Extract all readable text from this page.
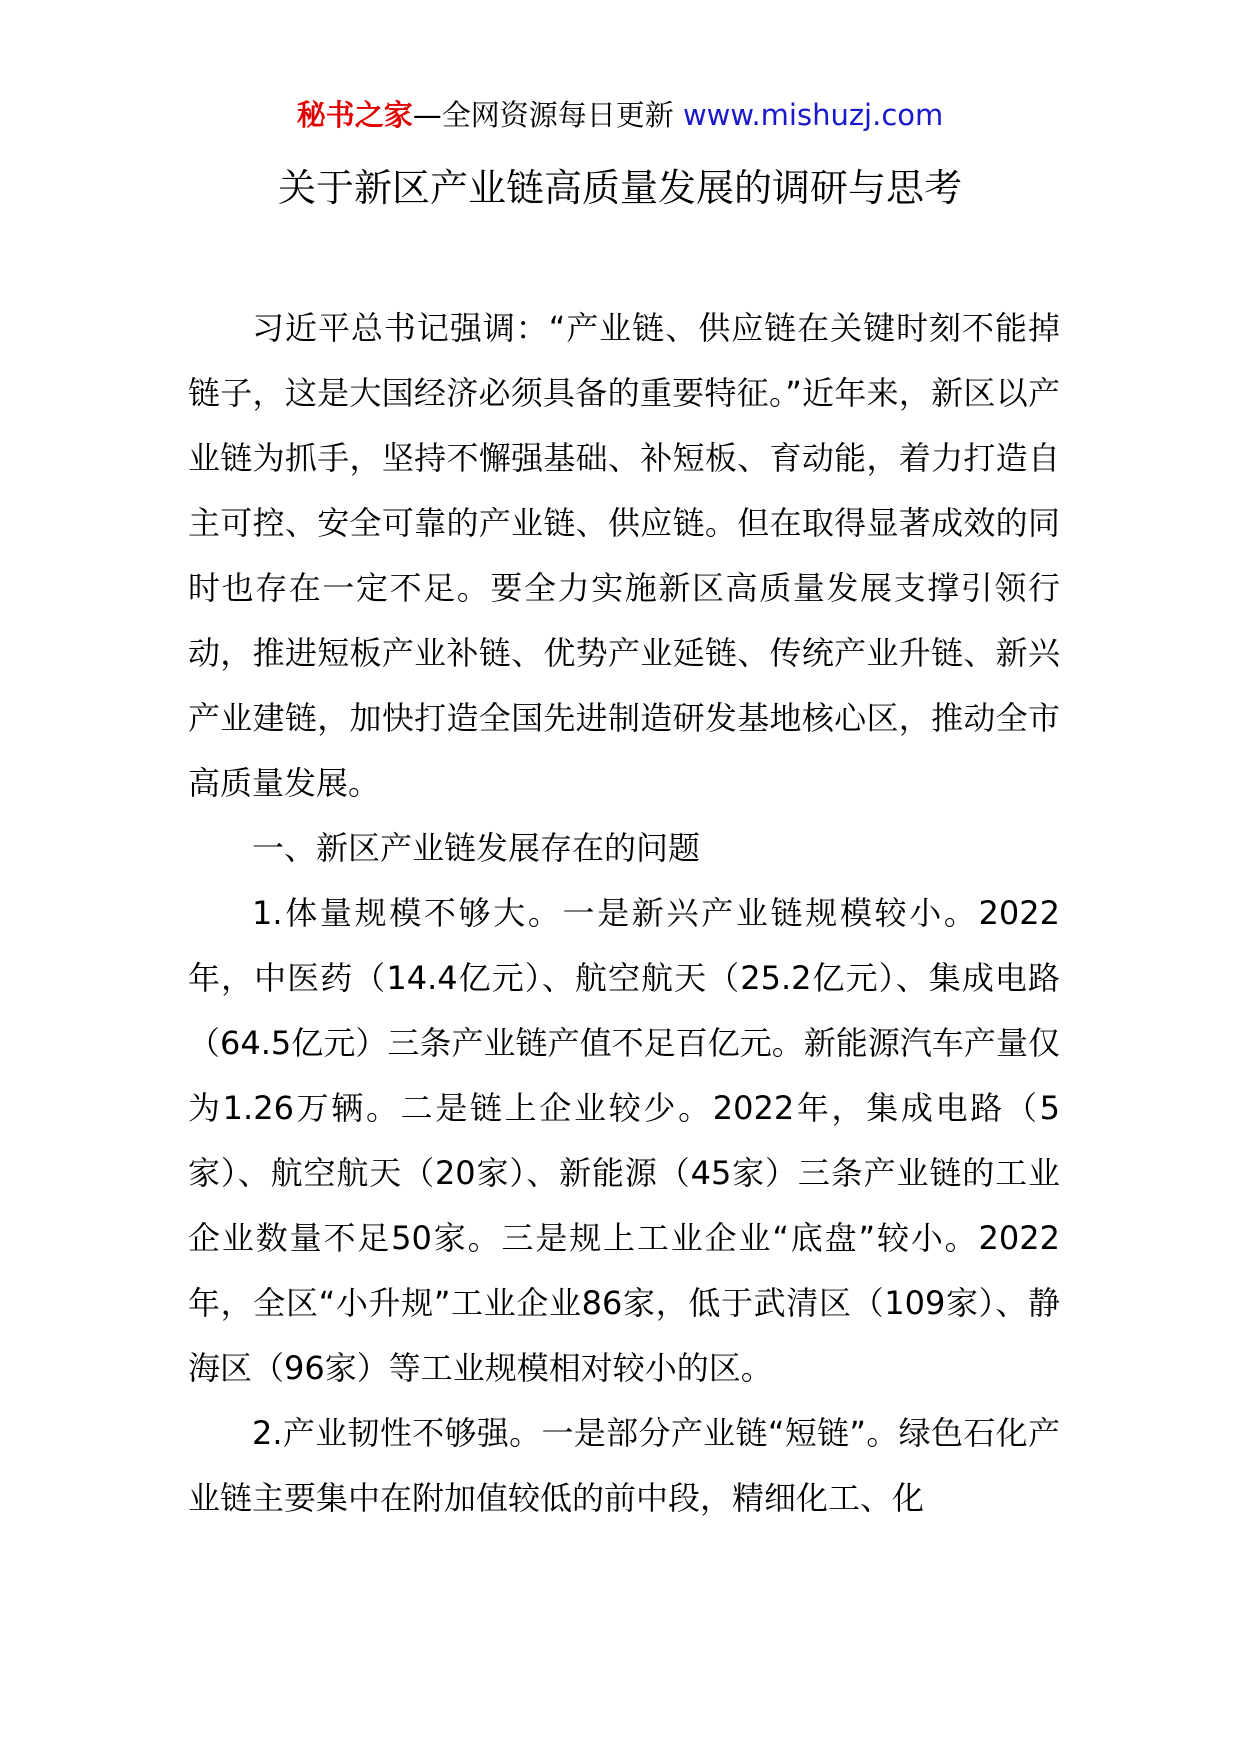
秘书之家—全网资源每日更新 www.mishuzj.com
关于新区产业链高质量发展的调研与思考

习近平总书记强调：“产业链、供应链在关键时刻不能掉链子，这是大国经济必须具备的重要特征。”近年来，新区以产业链为抓手，坚持不懈强基础、补短板、育动能，着力打造自主可控、安全可靠的产业链、供应链。但在取得显著成效的同时也存在一定不足。要全力实施新区高质量发展支撑引领行动，推进短板产业补链、优势产业延链、传统产业升链、新兴产业建链，加快打造全国先进制造研发基地核心区，推动全市高质量发展。

一、新区产业链发展存在的问题

1.体量规模不够大。一是新兴产业链规模较小。2022年，中医药（14.4亿元）、航空航天（25.2亿元）、集成电路（64.5亿元）三条产业链产值不足百亿元。新能源汽车产量仅为1.26万辆。二是链上企业较少。2022年，集成电路（5家）、航空航天（20家）、新能源（45家）三条产业链的工业企业数量不足50家。三是规上工业企业“底盘”较小。2022年，全区“小升规”工业企业86家，低于武清区（109家）、静海区（96家）等工业规模相对较小的区。

2.产业韧性不够强。一是部分产业链“短链”。绿色石化产业链主要集中在附加值较低的前中段，精细化工、化
